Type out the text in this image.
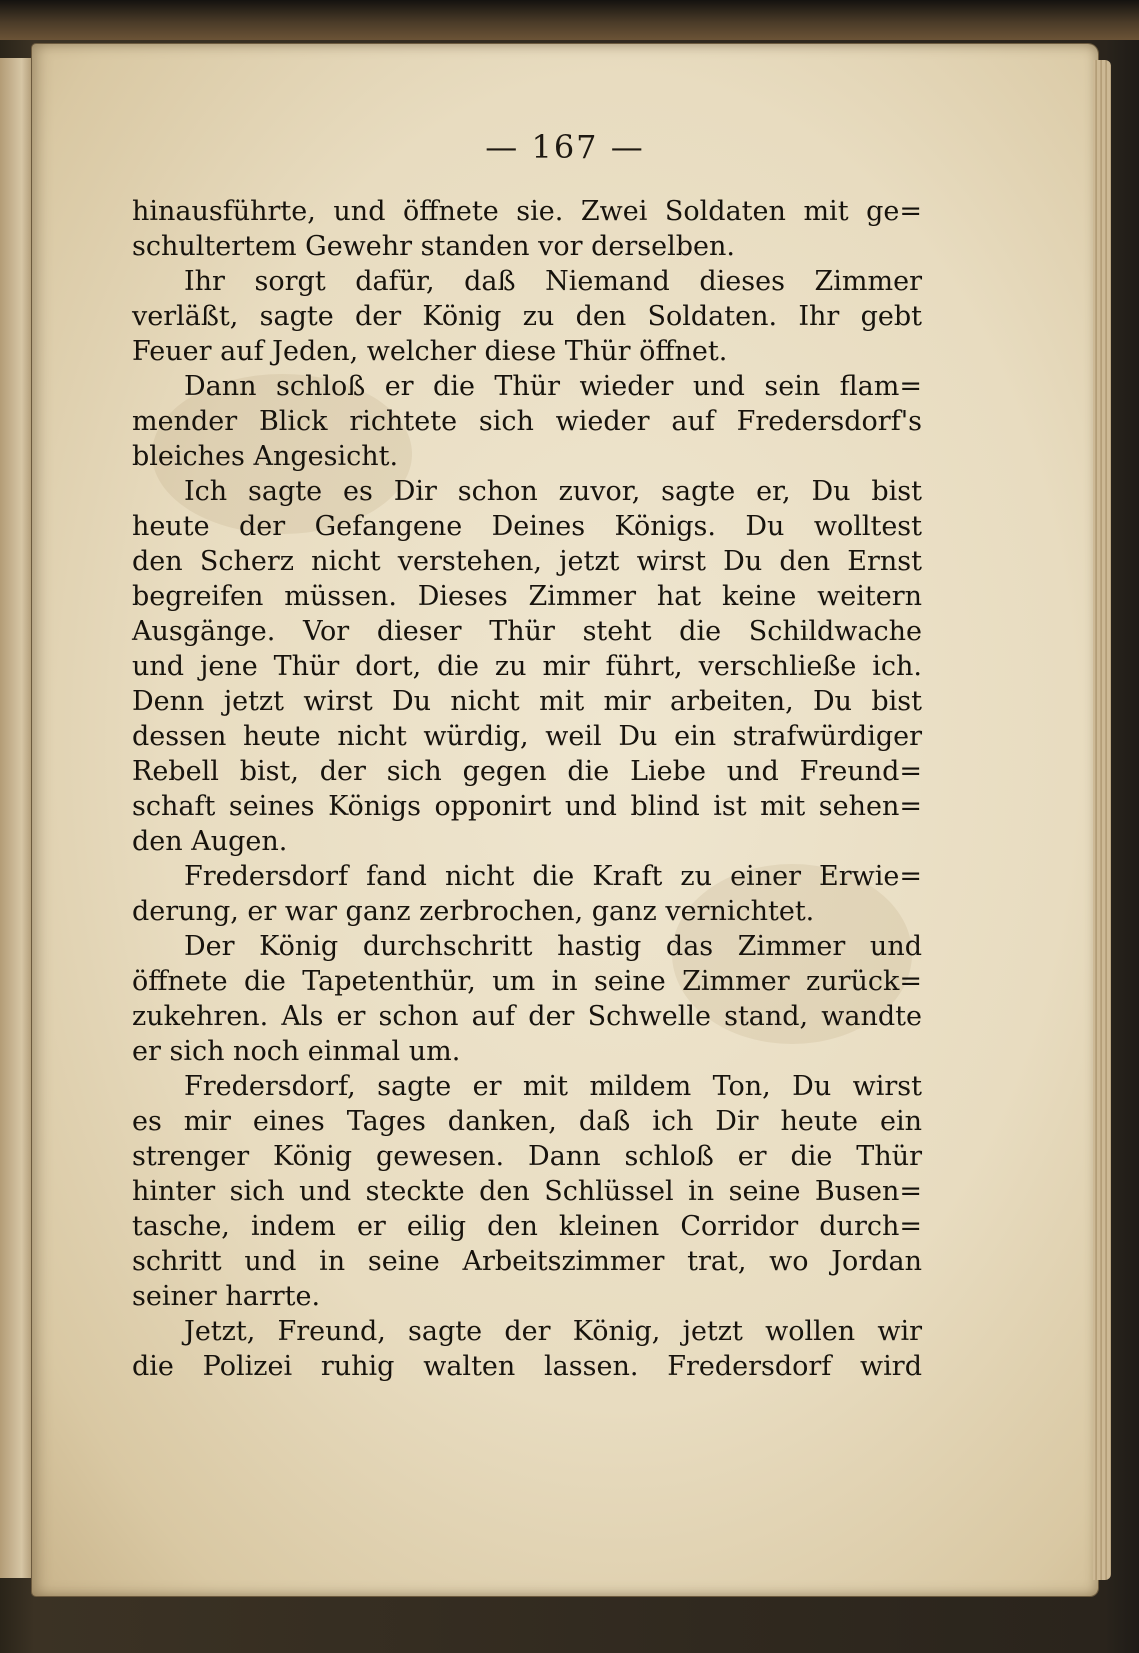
— 167 —
hinausführte, und öffnete sie. Zwei Soldaten mit ge=
schultertem Gewehr standen vor derselben.
Ihr sorgt dafür, daß Niemand dieses Zimmer
verläßt, sagte der König zu den Soldaten. Ihr gebt
Feuer auf Jeden, welcher diese Thür öffnet.
Dann schloß er die Thür wieder und sein flam=
mender Blick richtete sich wieder auf Fredersdorf's
bleiches Angesicht.
Ich sagte es Dir schon zuvor, sagte er, Du bist
heute der Gefangene Deines Königs. Du wolltest
den Scherz nicht verstehen, jetzt wirst Du den Ernst
begreifen müssen. Dieses Zimmer hat keine weitern
Ausgänge. Vor dieser Thür steht die Schildwache
und jene Thür dort, die zu mir führt, verschließe ich.
Denn jetzt wirst Du nicht mit mir arbeiten, Du bist
dessen heute nicht würdig, weil Du ein strafwürdiger
Rebell bist, der sich gegen die Liebe und Freund=
schaft seines Königs opponirt und blind ist mit sehen=
den Augen.
Fredersdorf fand nicht die Kraft zu einer Erwie=
derung, er war ganz zerbrochen, ganz vernichtet.
Der König durchschritt hastig das Zimmer und
öffnete die Tapetenthür, um in seine Zimmer zurück=
zukehren. Als er schon auf der Schwelle stand, wandte
er sich noch einmal um.
Fredersdorf, sagte er mit mildem Ton, Du wirst
es mir eines Tages danken, daß ich Dir heute ein
strenger König gewesen. Dann schloß er die Thür
hinter sich und steckte den Schlüssel in seine Busen=
tasche, indem er eilig den kleinen Corridor durch=
schritt und in seine Arbeitszimmer trat, wo Jordan
seiner harrte.
Jetzt, Freund, sagte der König, jetzt wollen wir
die Polizei ruhig walten lassen. Fredersdorf wird
